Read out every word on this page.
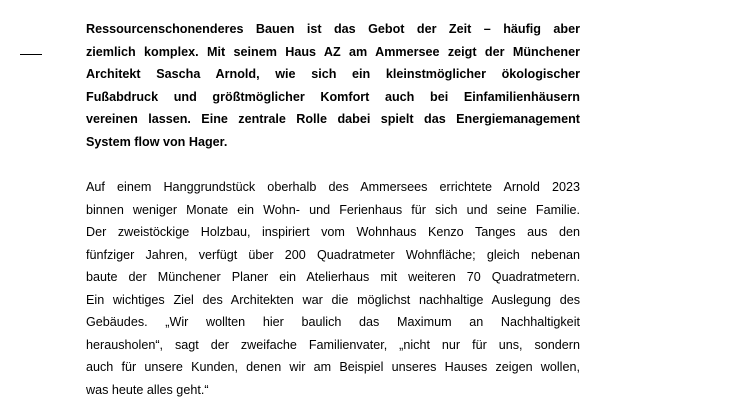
Ressourcenschonenderes Bauen ist das Gebot der Zeit – häufig aber
ziemlich komplex. Mit seinem Haus AZ am Ammersee zeigt der Münchener
Architekt Sascha Arnold, wie sich ein kleinstmöglicher ökologischer
Fußabdruck und größtmöglicher Komfort auch bei Einfamilienhäusern
vereinen lassen. Eine zentrale Rolle dabei spielt das Energiemanagement
System flow von Hager.

Auf einem Hanggrundstück oberhalb des Ammersees errichtete Arnold 2023
binnen weniger Monate ein Wohn- und Ferienhaus für sich und seine Familie.
Der zweistöckige Holzbau, inspiriert vom Wohnhaus Kenzo Tanges aus den
fünfziger Jahren, verfügt über 200 Quadratmeter Wohnfläche; gleich nebenan
baute der Münchener Planer ein Atelierhaus mit weiteren 70 Quadratmetern.
Ein wichtiges Ziel des Architekten war die möglichst nachhaltige Auslegung des
Gebäudes. „Wir wollten hier baulich das Maximum an Nachhaltigkeit
herausholen“, sagt der zweifache Familienvater, „nicht nur für uns, sondern
auch für unsere Kunden, denen wir am Beispiel unseres Hauses zeigen wollen,
was heute alles geht.“
